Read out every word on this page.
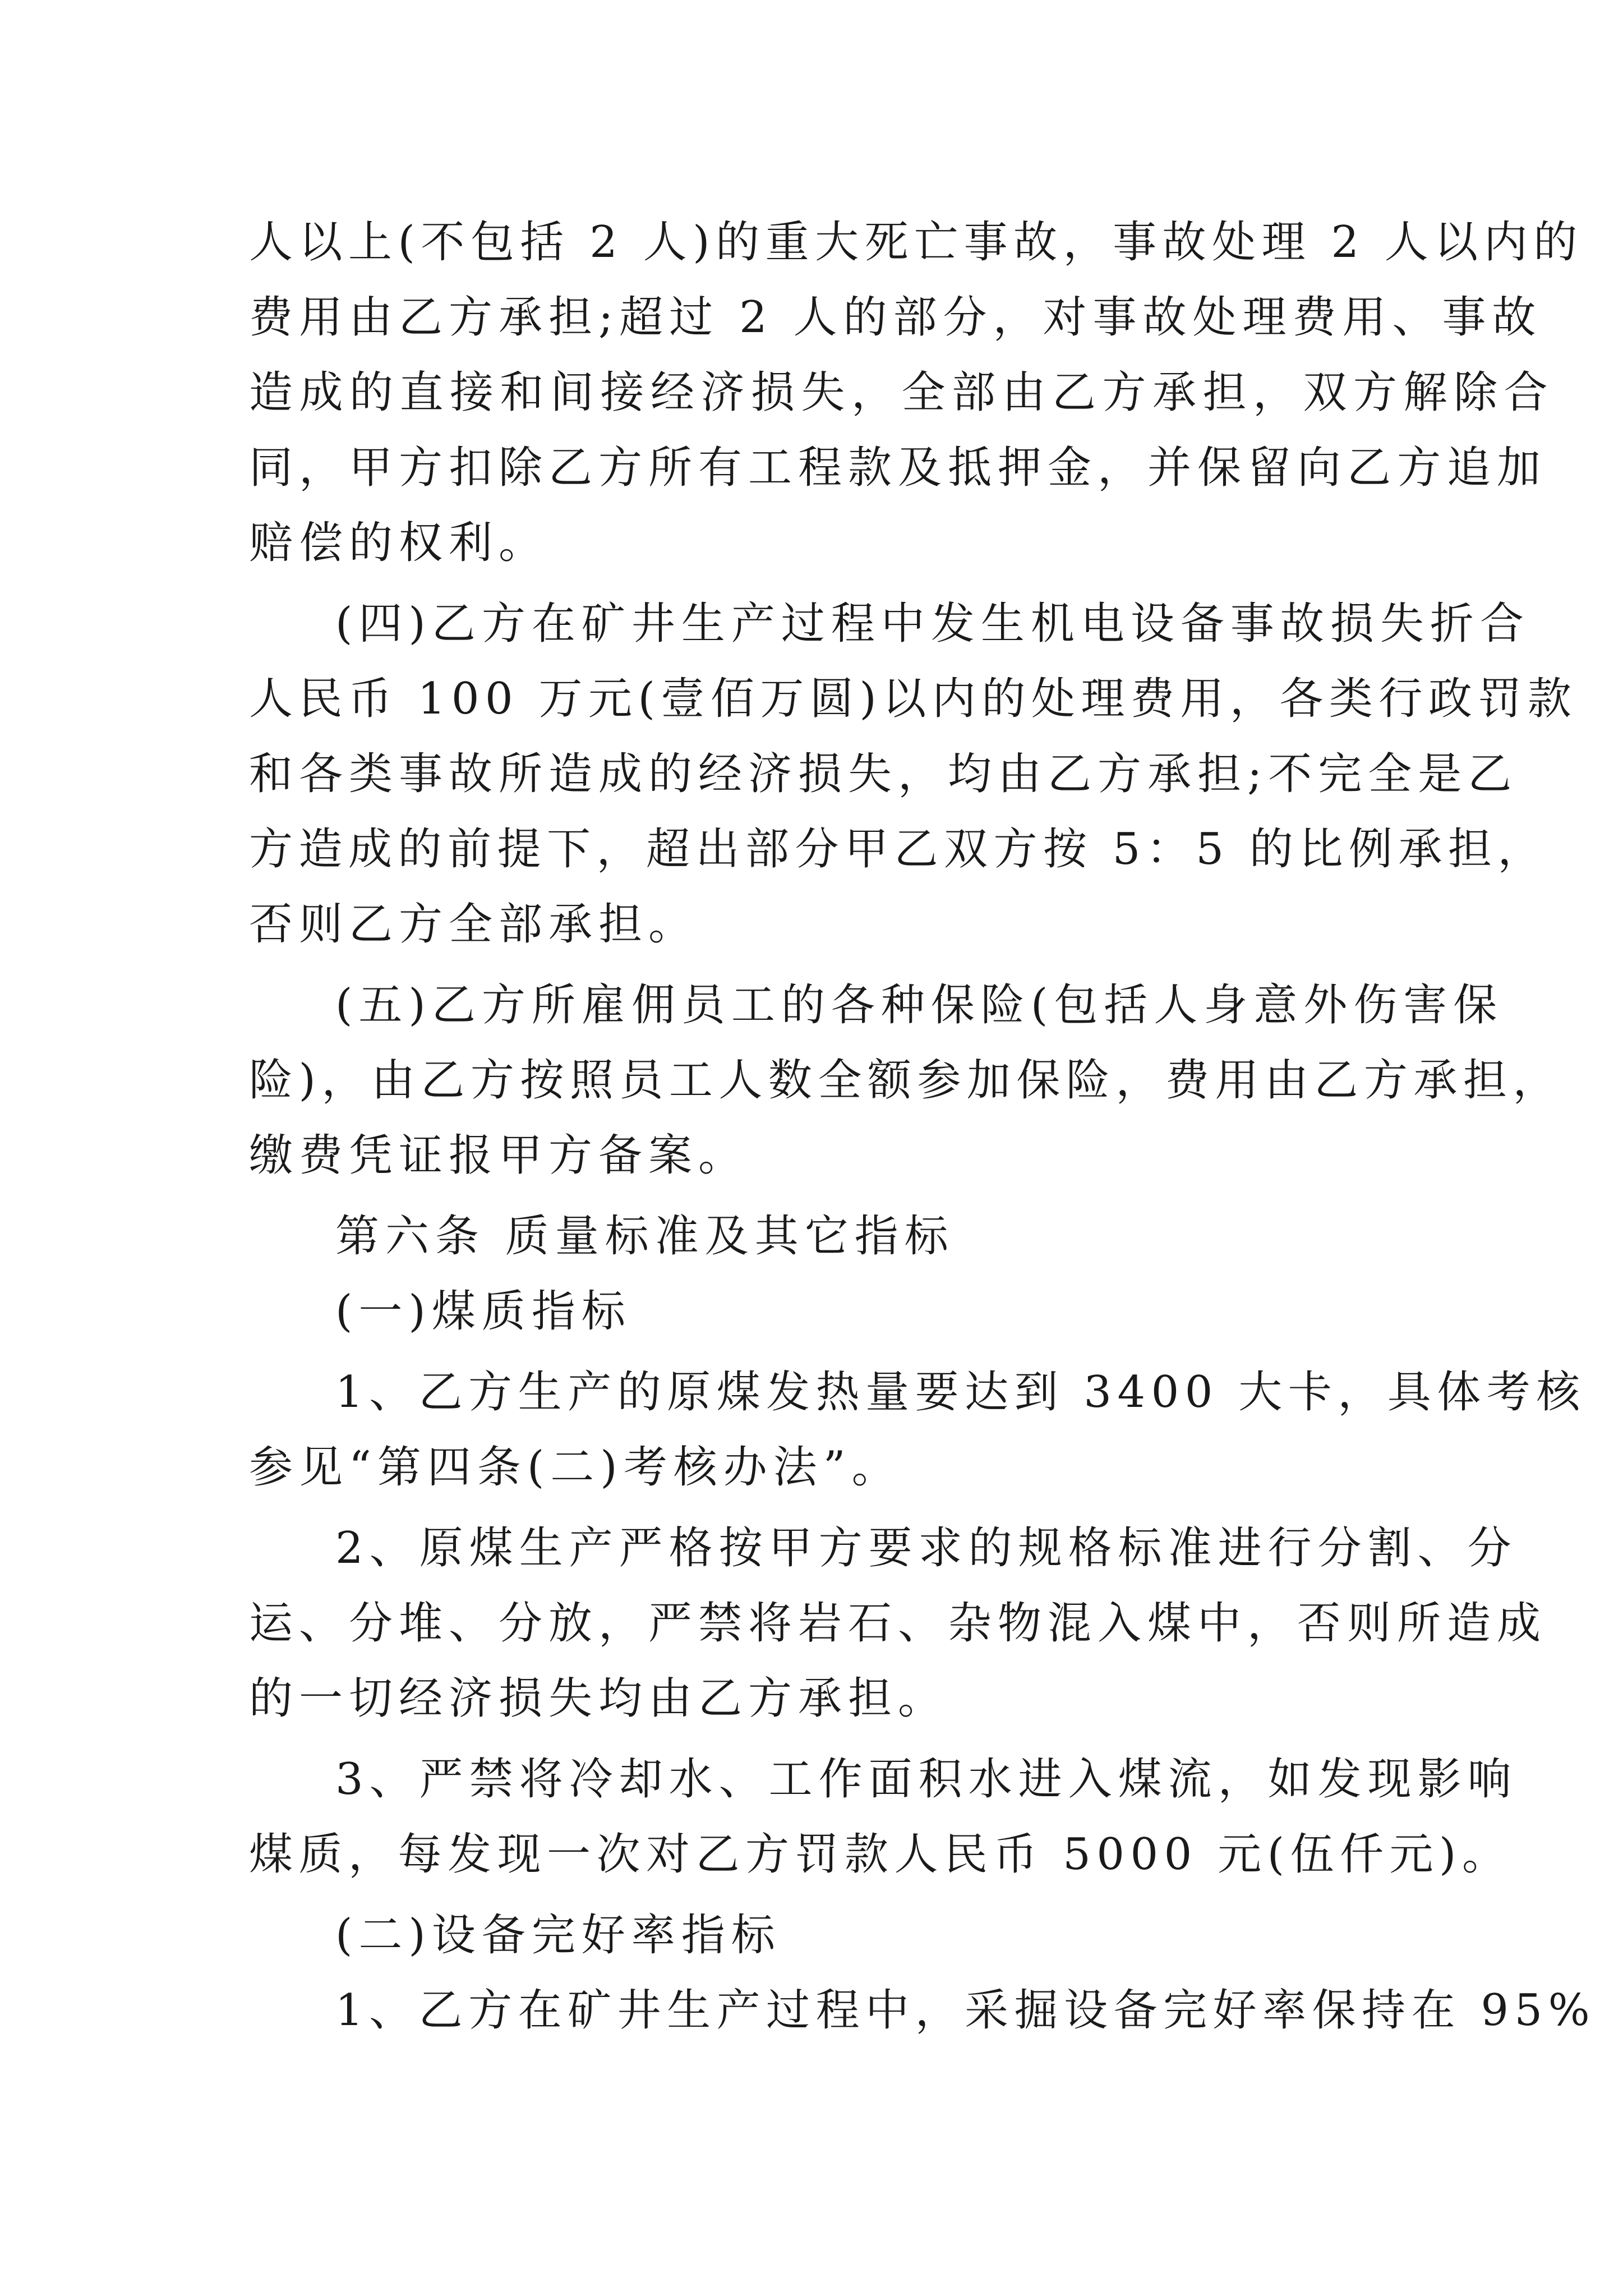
人以上(不包括 2 人)的重大死亡事故，事故处理 2 人以内的
费用由乙方承担;超过 2 人的部分，对事故处理费用、事故
造成的直接和间接经济损失，全部由乙方承担，双方解除合
同，甲方扣除乙方所有工程款及抵押金，并保留向乙方追加
赔偿的权利。
(四)乙方在矿井生产过程中发生机电设备事故损失折合
人民币 100 万元(壹佰万圆)以内的处理费用，各类行政罚款
和各类事故所造成的经济损失，均由乙方承担;不完全是乙
方造成的前提下，超出部分甲乙双方按 5：5 的比例承担，
否则乙方全部承担。
(五)乙方所雇佣员工的各种保险(包括人身意外伤害保
险)，由乙方按照员工人数全额参加保险，费用由乙方承担，
缴费凭证报甲方备案。
第六条 质量标准及其它指标
(一)煤质指标
1、乙方生产的原煤发热量要达到 3400 大卡，具体考核
参见“第四条(二)考核办法”。
2、原煤生产严格按甲方要求的规格标准进行分割、分
运、分堆、分放，严禁将岩石、杂物混入煤中，否则所造成
的一切经济损失均由乙方承担。
3、严禁将冷却水、工作面积水进入煤流，如发现影响
煤质，每发现一次对乙方罚款人民币 5000 元(伍仟元)。
(二)设备完好率指标
1、乙方在矿井生产过程中，采掘设备完好率保持在 95%
